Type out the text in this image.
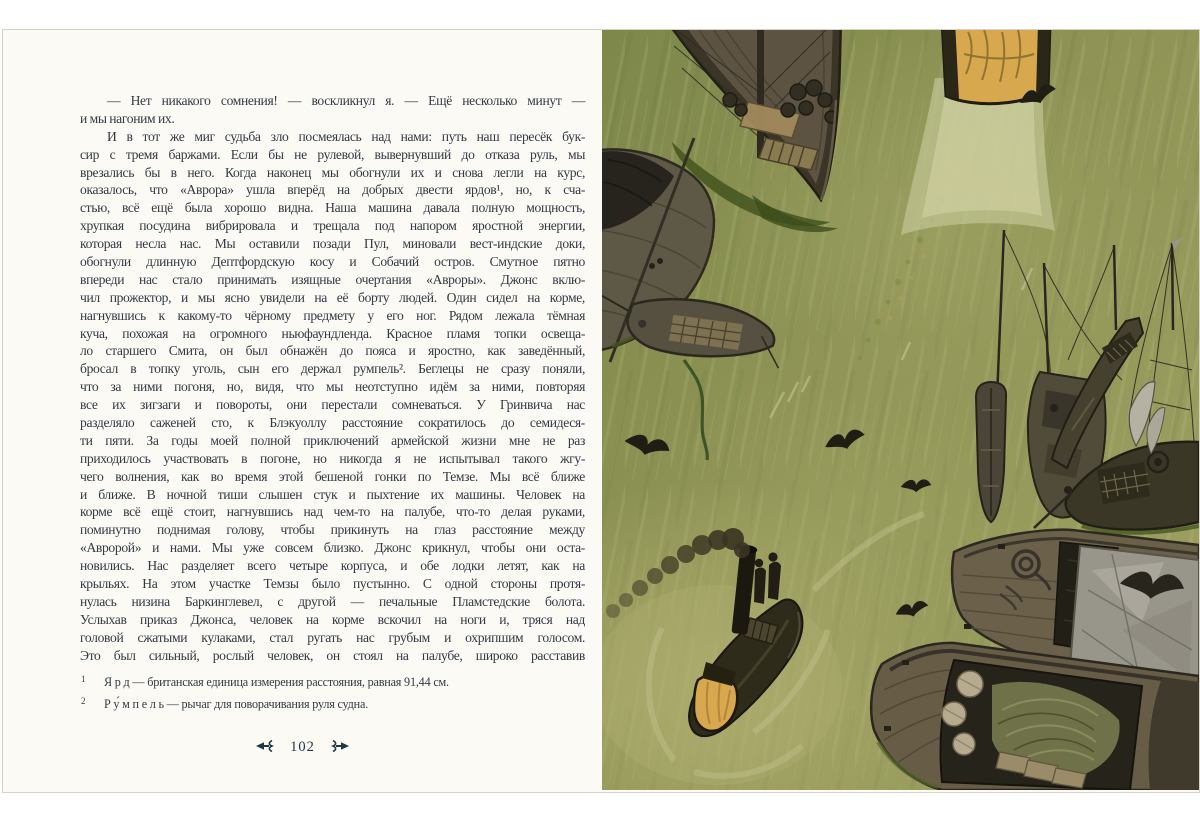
— Нет никакого сомнения! — воскликнул я. — Ещё несколько минут —
и мы нагоним их.
И в тот же миг судьба зло посмеялась над нами: путь наш пересёк бук-
сир с тремя баржами. Если бы не рулевой, вывернувший до отказа руль, мы
врезались бы в него. Когда наконец мы обогнули их и снова легли на курс,
оказалось, что «Аврора» ушла вперёд на добрых двести ярдов¹, но, к сча-
стью, всё ещё была хорошо видна. Наша машина давала полную мощность,
хрупкая посудина вибрировала и трещала под напором яростной энергии,
которая несла нас. Мы оставили позади Пул, миновали вест-индские доки,
обогнули длинную Дептфордскую косу и Собачий остров. Смутное пятно
впереди нас стало принимать изящные очертания «Авроры». Джонс вклю-
чил прожектор, и мы ясно увидели на её борту людей. Один сидел на корме,
нагнувшись к какому-то чёрному предмету у его ног. Рядом лежала тёмная
куча, похожая на огромного ньюфаундленда. Красное пламя топки освеща-
ло старшего Смита, он был обнажён до пояса и яростно, как заведённый,
бросал в топку уголь, сын его держал румпель². Беглецы не сразу поняли,
что за ними погоня, но, видя, что мы неотступно идём за ними, повторяя
все их зигзаги и повороты, они перестали сомневаться. У Гринвича нас
разделяло саженей сто, к Блэкуоллу расстояние сократилось до семидеся-
ти пяти. За годы моей полной приключений армейской жизни мне не раз
приходилось участвовать в погоне, но никогда я не испытывал такого жгу-
чего волнения, как во время этой бешеной гонки по Темзе. Мы всё ближе
и ближе. В ночной тиши слышен стук и пыхтение их машины. Человек на
корме всё ещё стоит, нагнувшись над чем-то на палубе, что-то делая руками,
поминутно поднимая голову, чтобы прикинуть на глаз расстояние между
«Авророй» и нами. Мы уже совсем близко. Джонс крикнул, чтобы они оста-
новились. Нас разделяет всего четыре корпуса, и обе лодки летят, как на
крыльях. На этом участке Темзы было пустынно. С одной стороны протя-
нулась низина Баркинглевел, с другой — печальные Пламстедские болота.
Услыхав приказ Джонса, человек на корме вскочил на ноги и, тряся над
головой сжатыми кулаками, стал ругать нас грубым и охрипшим голосом.
Это был сильный, рослый человек, он стоял на палубе, широко расставив
1	Я р д — британская единица измерения расстояния, равная 91,44 см.
2	Р у́ м п е л ь — рычаг для поворачивания руля судна.
102
